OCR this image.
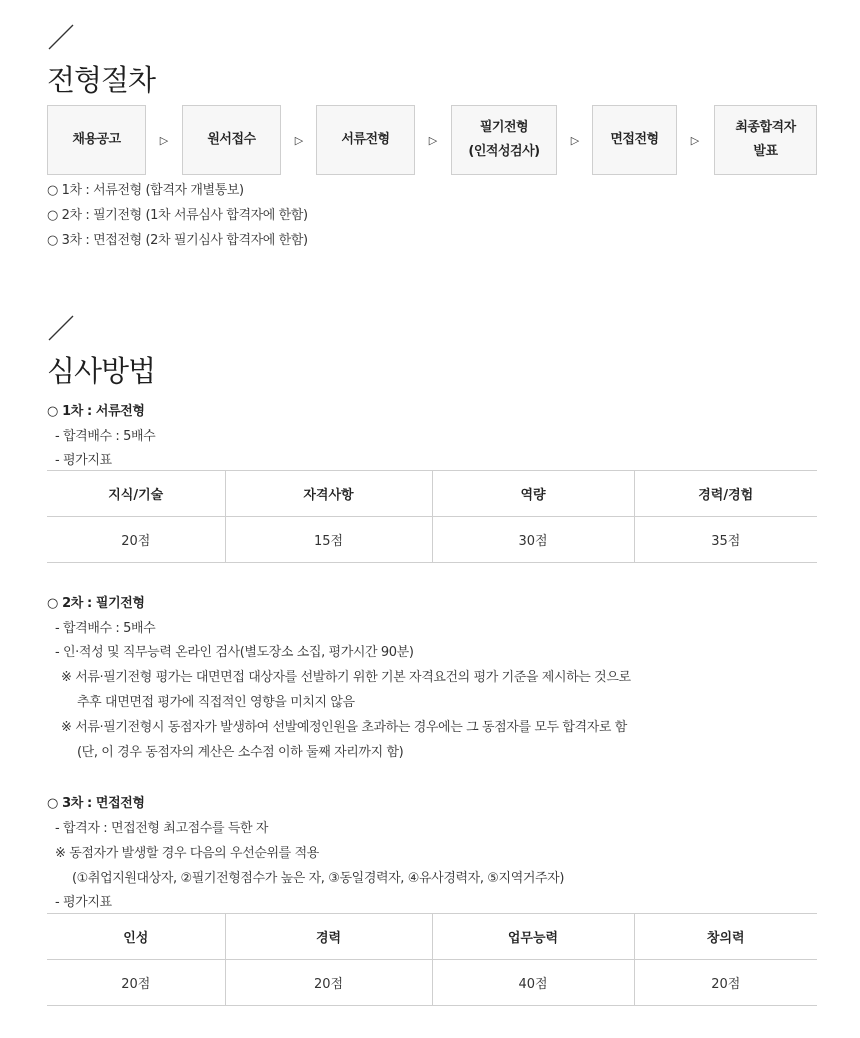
전형절차
채용공고	▷	원서접수	▷	서류전형	▷
필기전형
(인적성검사)
▷ 면접전형	▷
최종합격자
발표
○ 1차 : 서류전형 (합격자 개별통보)
○ 2차 : 필기전형 (1차 서류심사 합격자에 한함)
○ 3차 : 면접전형 (2차 필기심사 합격자에 한함)
심사방법
○ 1차 : 서류전형
- 합격배수 : 5배수
- 평가지표
지식/기술	자격사항	역량	경력/경험
20점	15점	30점	35점
○ 2차 : 필기전형
- 합격배수 : 5배수
- 인·적성 및 직무능력 온라인 검사(별도장소 소집, 평가시간 90분)
※ 서류·필기전형 평가는 대면면접 대상자를 선발하기 위한 기본 자격요건의 평가 기준을 제시하는 것으로
추후 대면면접 평가에 직접적인 영향을 미치지 않음
※ 서류·필기전형시 동점자가 발생하여 선발예정인원을 초과하는 경우에는 그 동점자를 모두 합격자로 함
(단, 이 경우 동점자의 계산은 소수점 이하 둘째 자리까지 함)
○ 3차 : 면접전형
- 합격자 : 면접전형 최고점수를 득한 자
※ 동점자가 발생할 경우 다음의 우선순위를 적용
(①취업지원대상자, ②필기전형점수가 높은 자, ③동일경력자, ④유사경력자, ⑤지역거주자)
- 평가지표
인성	경력	업무능력	창의력
20점	20점	40점	20점
